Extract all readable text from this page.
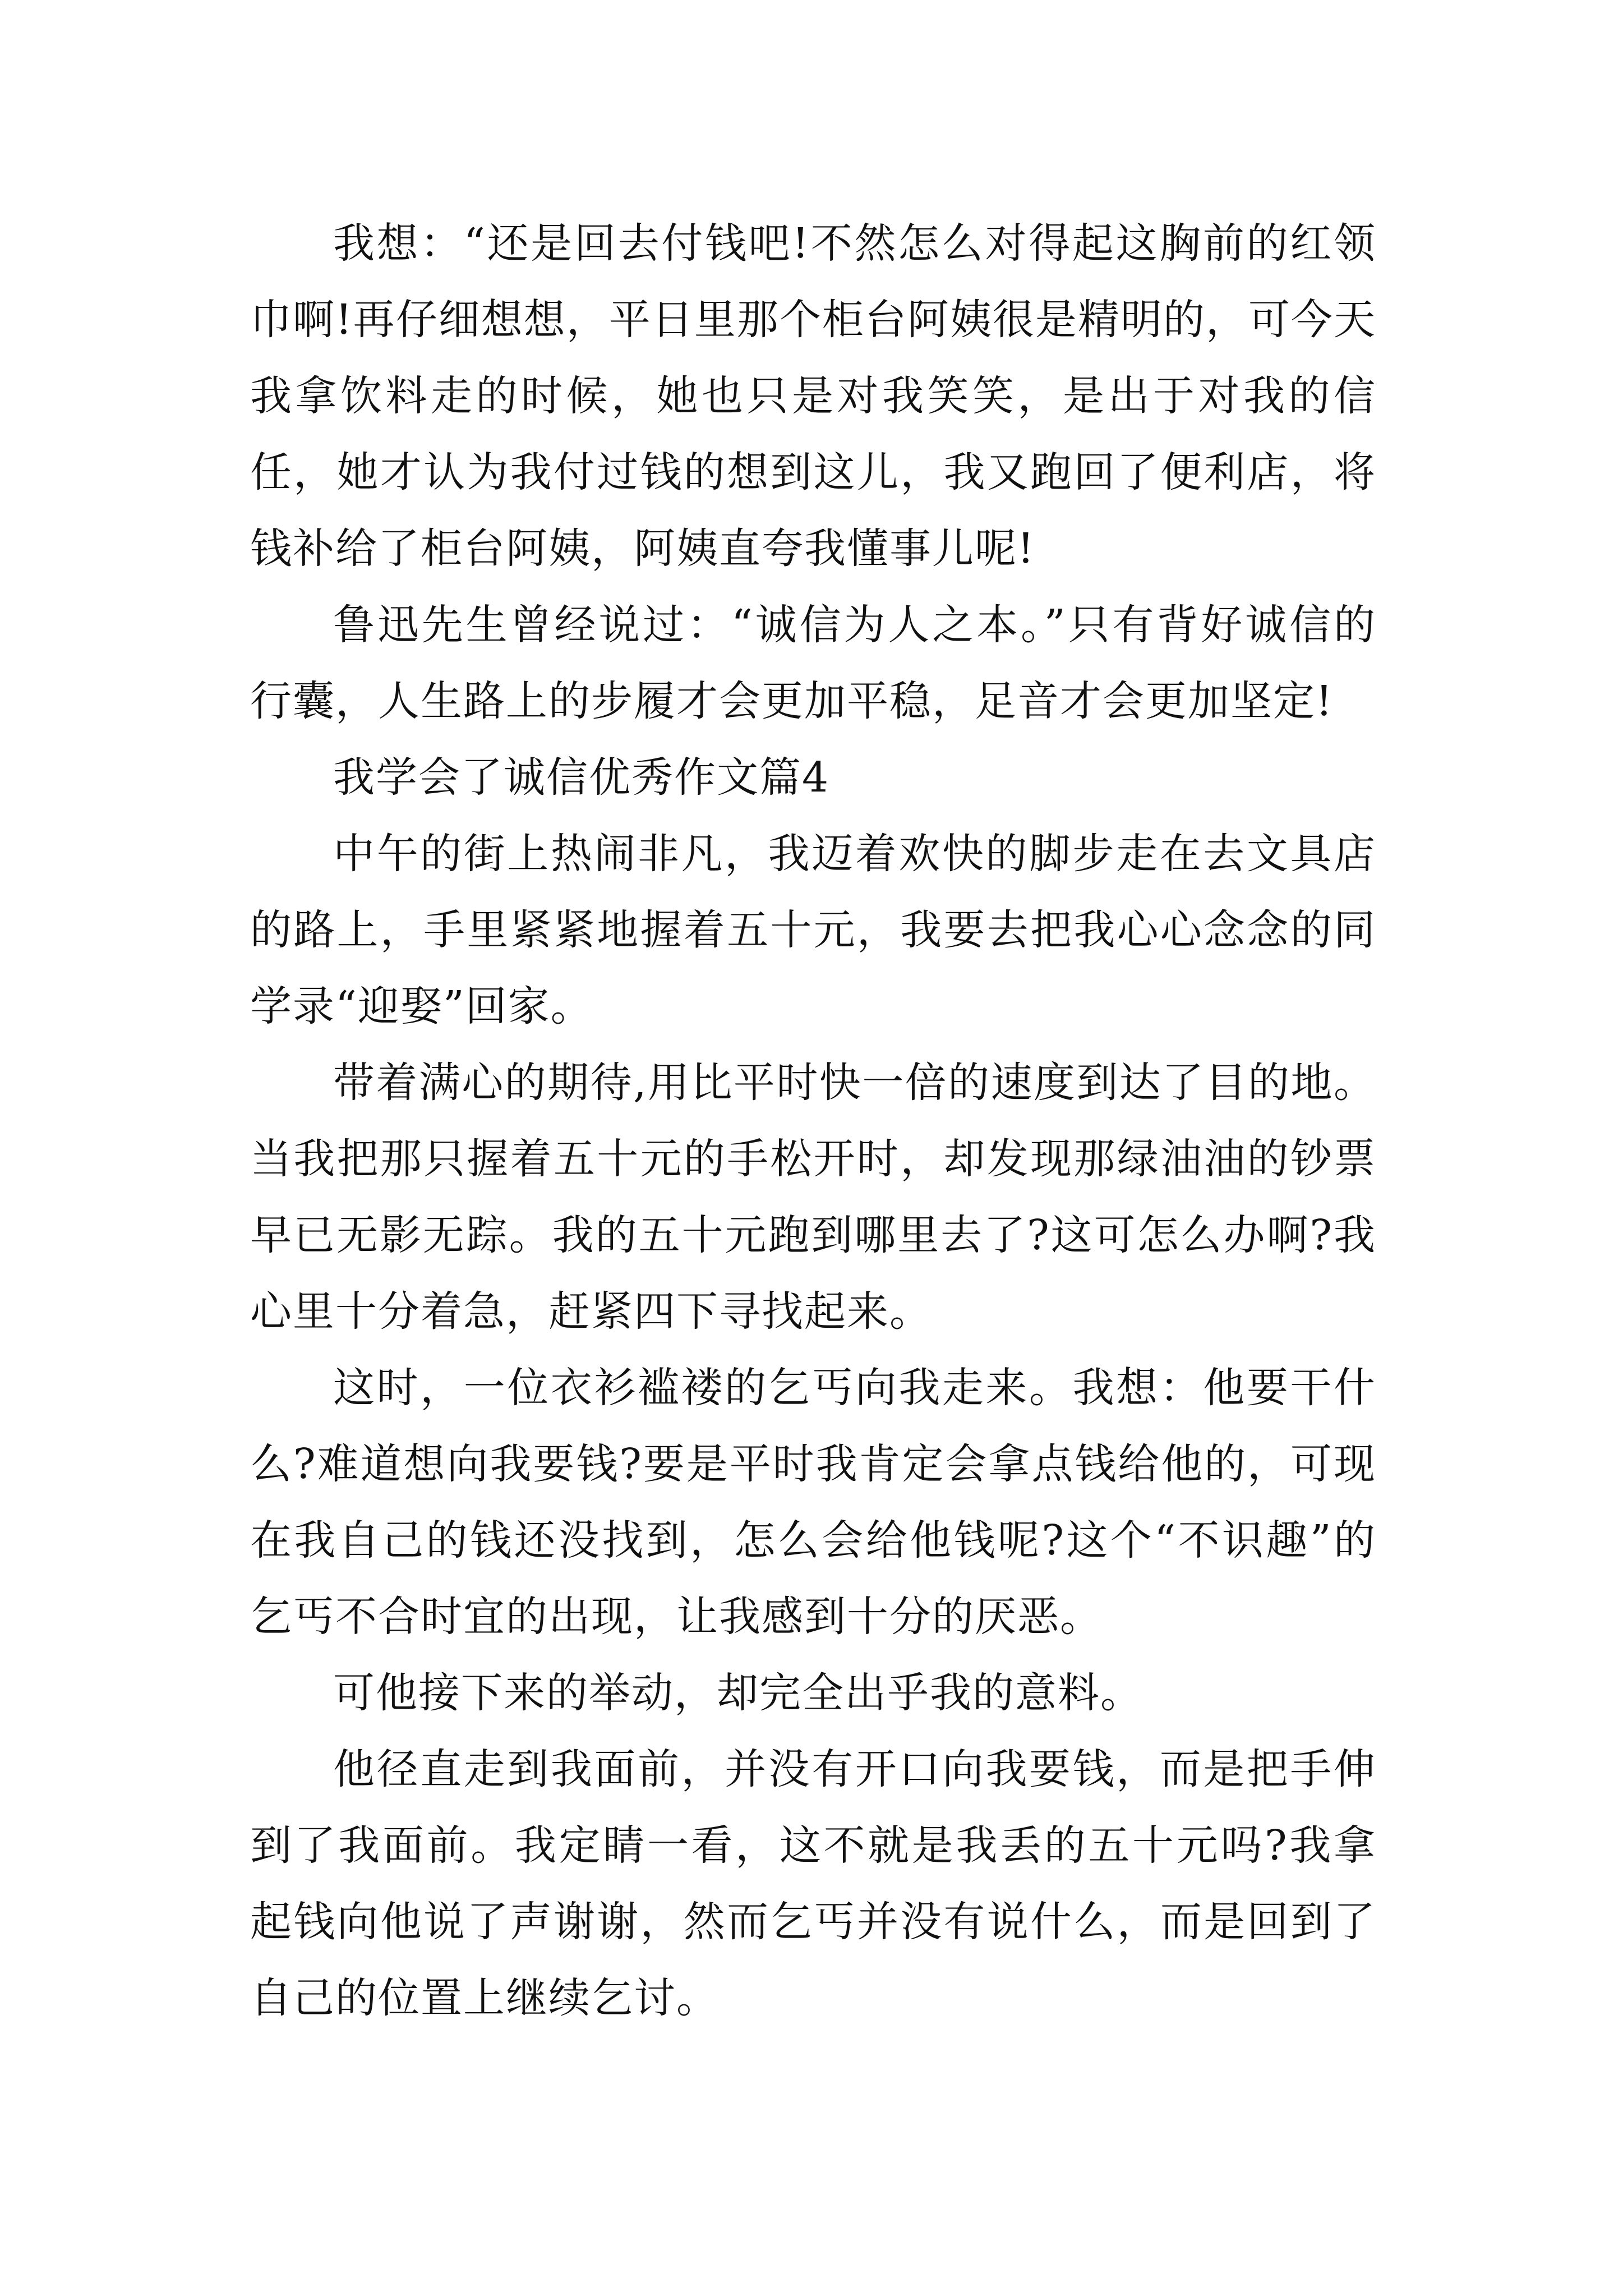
我想：“还是回去付钱吧!不然怎么对得起这胸前的红领巾啊!再仔细想想，平日里那个柜台阿姨很是精明的，可今天我拿饮料走的时候，她也只是对我笑笑，是出于对我的信任，她才认为我付过钱的想到这儿，我又跑回了便利店，将钱补给了柜台阿姨，阿姨直夸我懂事儿呢!

鲁迅先生曾经说过：“诚信为人之本。”只有背好诚信的行囊，人生路上的步履才会更加平稳，足音才会更加坚定!

我学会了诚信优秀作文篇4

中午的街上热闹非凡，我迈着欢快的脚步走在去文具店的路上，手里紧紧地握着五十元，我要去把我心心念念的同学录“迎娶”回家。

带着满心的期待,用比平时快一倍的速度到达了目的地。当我把那只握着五十元的手松开时，却发现那绿油油的钞票早已无影无踪。我的五十元跑到哪里去了?这可怎么办啊?我心里十分着急，赶紧四下寻找起来。

这时，一位衣衫褴褛的乞丐向我走来。我想：他要干什么?难道想向我要钱?要是平时我肯定会拿点钱给他的，可现在我自己的钱还没找到，怎么会给他钱呢?这个“不识趣”的乞丐不合时宜的出现，让我感到十分的厌恶。

可他接下来的举动，却完全出乎我的意料。

他径直走到我面前，并没有开口向我要钱，而是把手伸到了我面前。我定睛一看，这不就是我丢的五十元吗?我拿起钱向他说了声谢谢，然而乞丐并没有说什么，而是回到了自己的位置上继续乞讨。
